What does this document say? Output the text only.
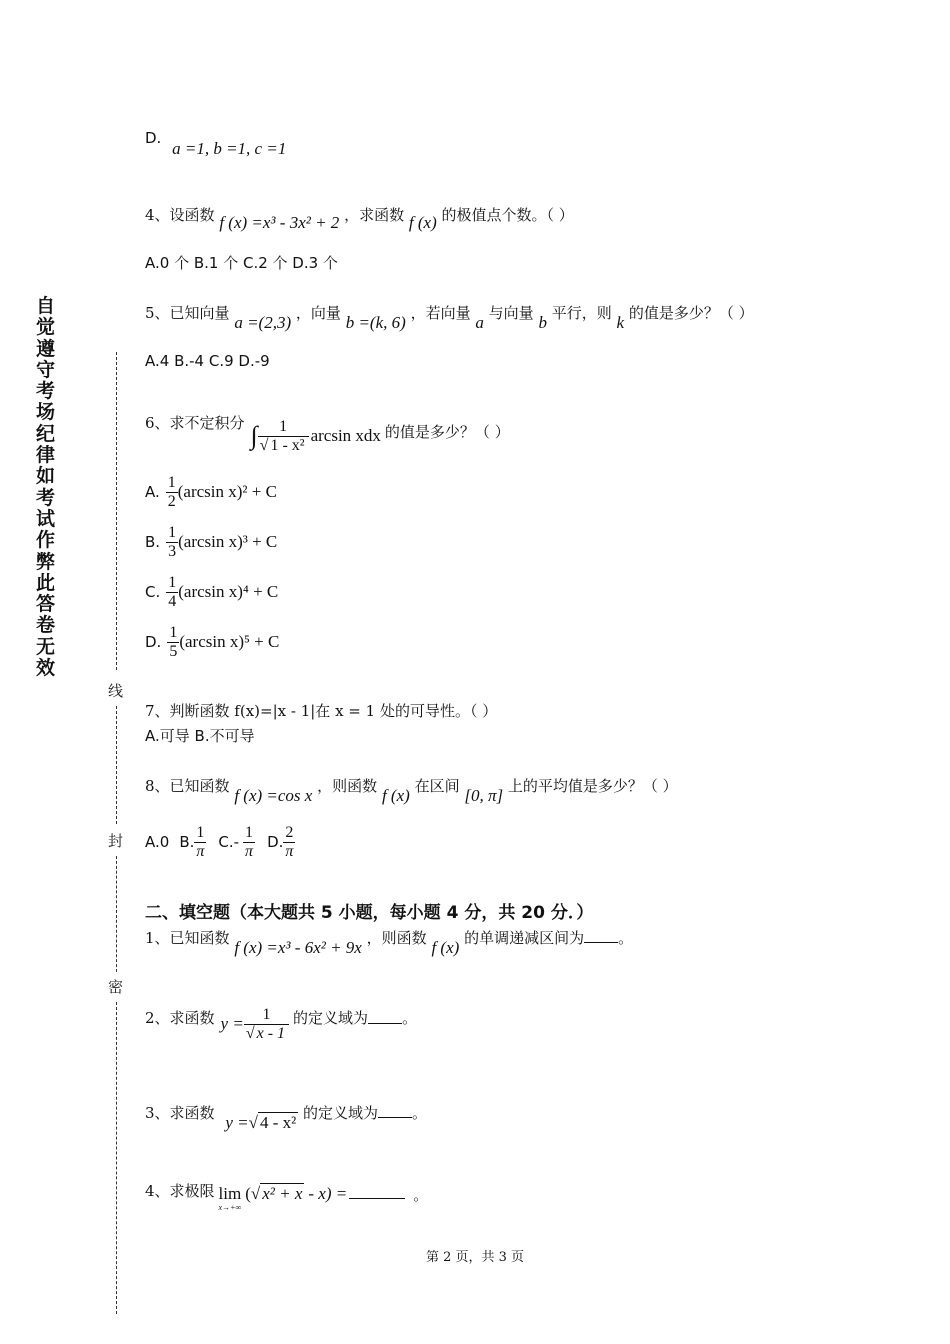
自觉遵守考场纪律如考试作弊此答卷无效
线
封
密
D. a =1, b =1, c =1
4、设函数 f (x) =x³ - 3x² + 2 ，求函数 f (x) 的极值点个数。（ ）
A.0 个 B.1 个 C.2 个 D.3 个
5、已知向量 a =(2,3) ，向量 b =(k, 6) ，若向量 a 与向量 b 平行，则 k 的值是多少？（ ）
A.4 B.-4 C.9 D.-9
6、求不定积分 ∫ $\frac{1}{\text{√ 1 - x²}}$ arcsin xdx 的值是多少？（ ）
A. $\frac{1}{2} (\arcsin$ x)² + C
B. $\frac{1}{3} (\arcsin$ x)³ + C
C. $\frac{1}{4} (\arcsin$ x)⁴ + C
D. $\frac{1}{5} (\arcsin$ x)⁵ + C
7、判断函数 f(x)=|x - 1|在 x = 1 处的可导性。（ ）
A.可导 B.不可导
8、已知函数 f (x) =cos x ，则函数 f (x) 在区间 [0, π] 上的平均值是多少？（ ）
A.0 B. $\frac{1}{\pi} C.- \frac{1}{\pi} D$. $\frac{2}{\pi}$
二、填空题（本大题共 5 小题，每小题 4 分，共 20 分．）
1、已知函数 f (x) =x³ - 6x² + 9x ，则函数 f (x) 的单调递减区间为 。
2、求函数 $y = \frac{1}{√ x - 1}$ 的定义域为 。
3、求函数 y =√ 4 - x² 的定义域为 。
4、求极限 lim
x→+∞
(√ x² + x - x) =	。
第 2 页，共 3 页
